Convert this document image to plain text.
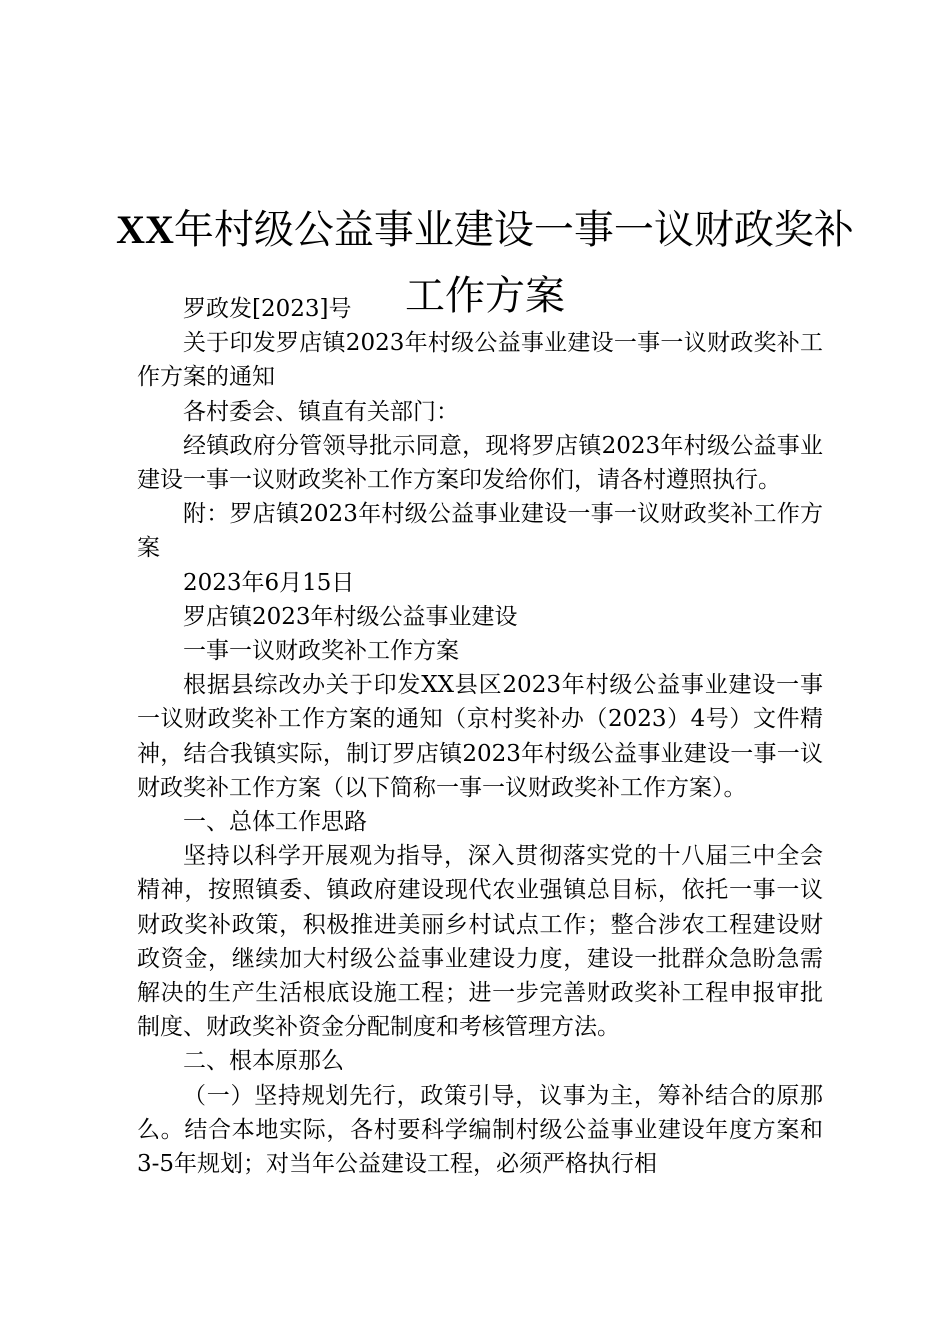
XX年村级公益事业建设一事一议财政奖补工作方案

罗政发[2023]号

关于印发罗店镇2023年村级公益事业建设一事一议财政奖补工作方案的通知

各村委会、镇直有关部门：

经镇政府分管领导批示同意，现将罗店镇2023年村级公益事业建设一事一议财政奖补工作方案印发给你们，请各村遵照执行。

附：罗店镇2023年村级公益事业建设一事一议财政奖补工作方案

2023年6月15日

罗店镇2023年村级公益事业建设

一事一议财政奖补工作方案

根据县综改办关于印发XX县区2023年村级公益事业建设一事一议财政奖补工作方案的通知（京村奖补办（2023）4号）文件精神，结合我镇实际，制订罗店镇2023年村级公益事业建设一事一议财政奖补工作方案（以下简称一事一议财政奖补工作方案）。

一、总体工作思路

坚持以科学开展观为指导，深入贯彻落实党的十八届三中全会精神，按照镇委、镇政府建设现代农业强镇总目标，依托一事一议财政奖补政策，积极推进美丽乡村试点工作；整合涉农工程建设财政资金，继续加大村级公益事业建设力度，建设一批群众急盼急需解决的生产生活根底设施工程；进一步完善财政奖补工程申报审批制度、财政奖补资金分配制度和考核管理方法。

二、根本原那么

（一）坚持规划先行，政策引导，议事为主，筹补结合的原那么。结合本地实际，各村要科学编制村级公益事业建设年度方案和3-5年规划；对当年公益建设工程，必须严格执行相
